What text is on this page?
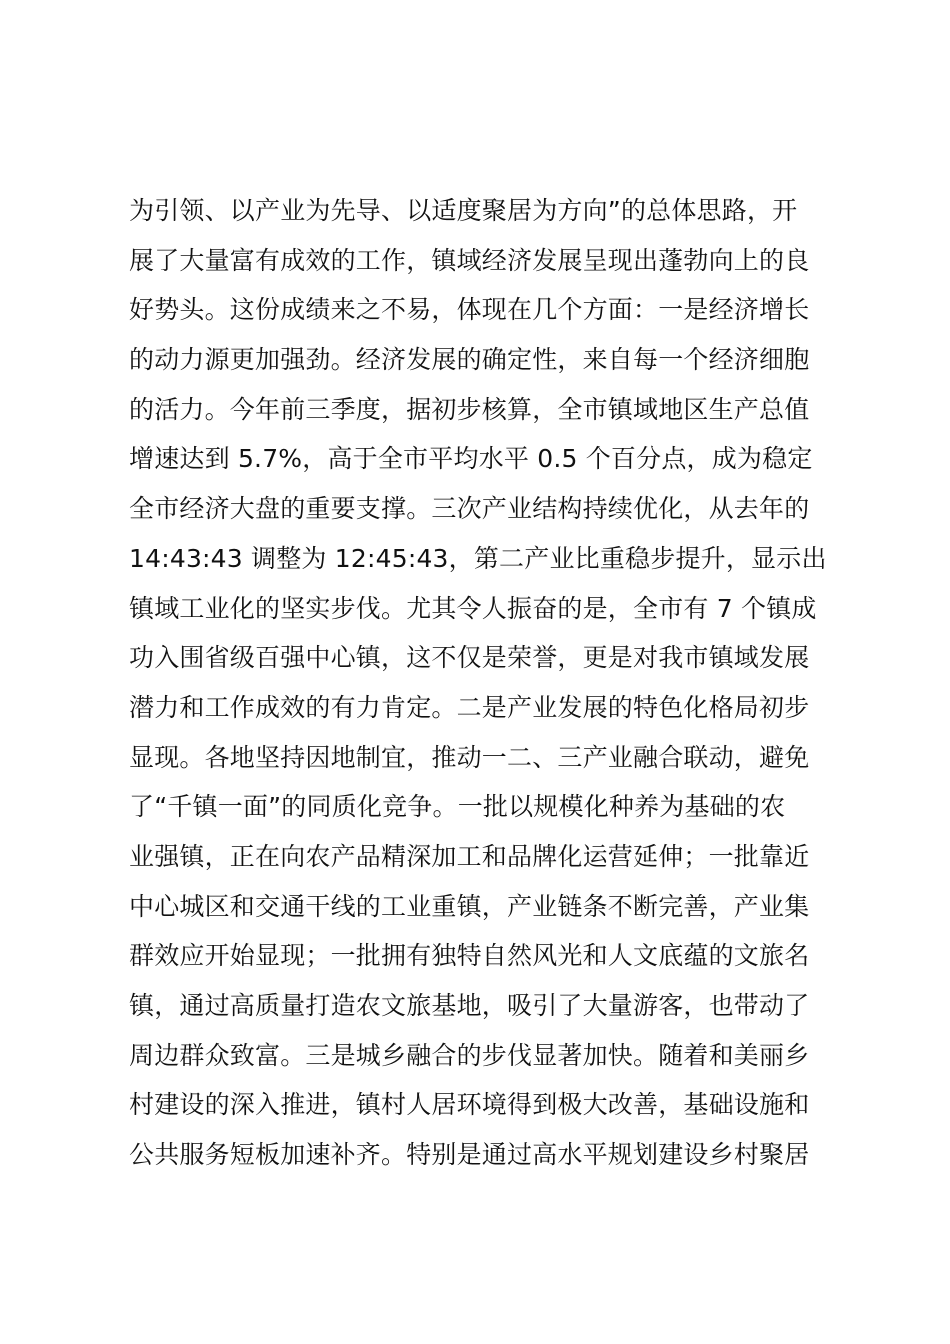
为引领、以产业为先导、以适度聚居为方向”的总体思路，开
展了大量富有成效的工作，镇域经济发展呈现出蓬勃向上的良
好势头。这份成绩来之不易，体现在几个方面：一是经济增长
的动力源更加强劲。经济发展的确定性，来自每一个经济细胞
的活力。今年前三季度，据初步核算，全市镇域地区生产总值
增速达到 5.7%，高于全市平均水平 0.5 个百分点，成为稳定
全市经济大盘的重要支撑。三次产业结构持续优化，从去年的
14:43:43 调整为 12:45:43，第二产业比重稳步提升，显示出
镇域工业化的坚实步伐。尤其令人振奋的是，全市有 7 个镇成
功入围省级百强中心镇，这不仅是荣誉，更是对我市镇域发展
潜力和工作成效的有力肯定。二是产业发展的特色化格局初步
显现。各地坚持因地制宜，推动一二、三产业融合联动，避免
了“千镇一面”的同质化竞争。一批以规模化种养为基础的农
业强镇，正在向农产品精深加工和品牌化运营延伸；一批靠近
中心城区和交通干线的工业重镇，产业链条不断完善，产业集
群效应开始显现；一批拥有独特自然风光和人文底蕴的文旅名
镇，通过高质量打造农文旅基地，吸引了大量游客，也带动了
周边群众致富。三是城乡融合的步伐显著加快。随着和美丽乡
村建设的深入推进，镇村人居环境得到极大改善，基础设施和
公共服务短板加速补齐。特别是通过高水平规划建设乡村聚居
